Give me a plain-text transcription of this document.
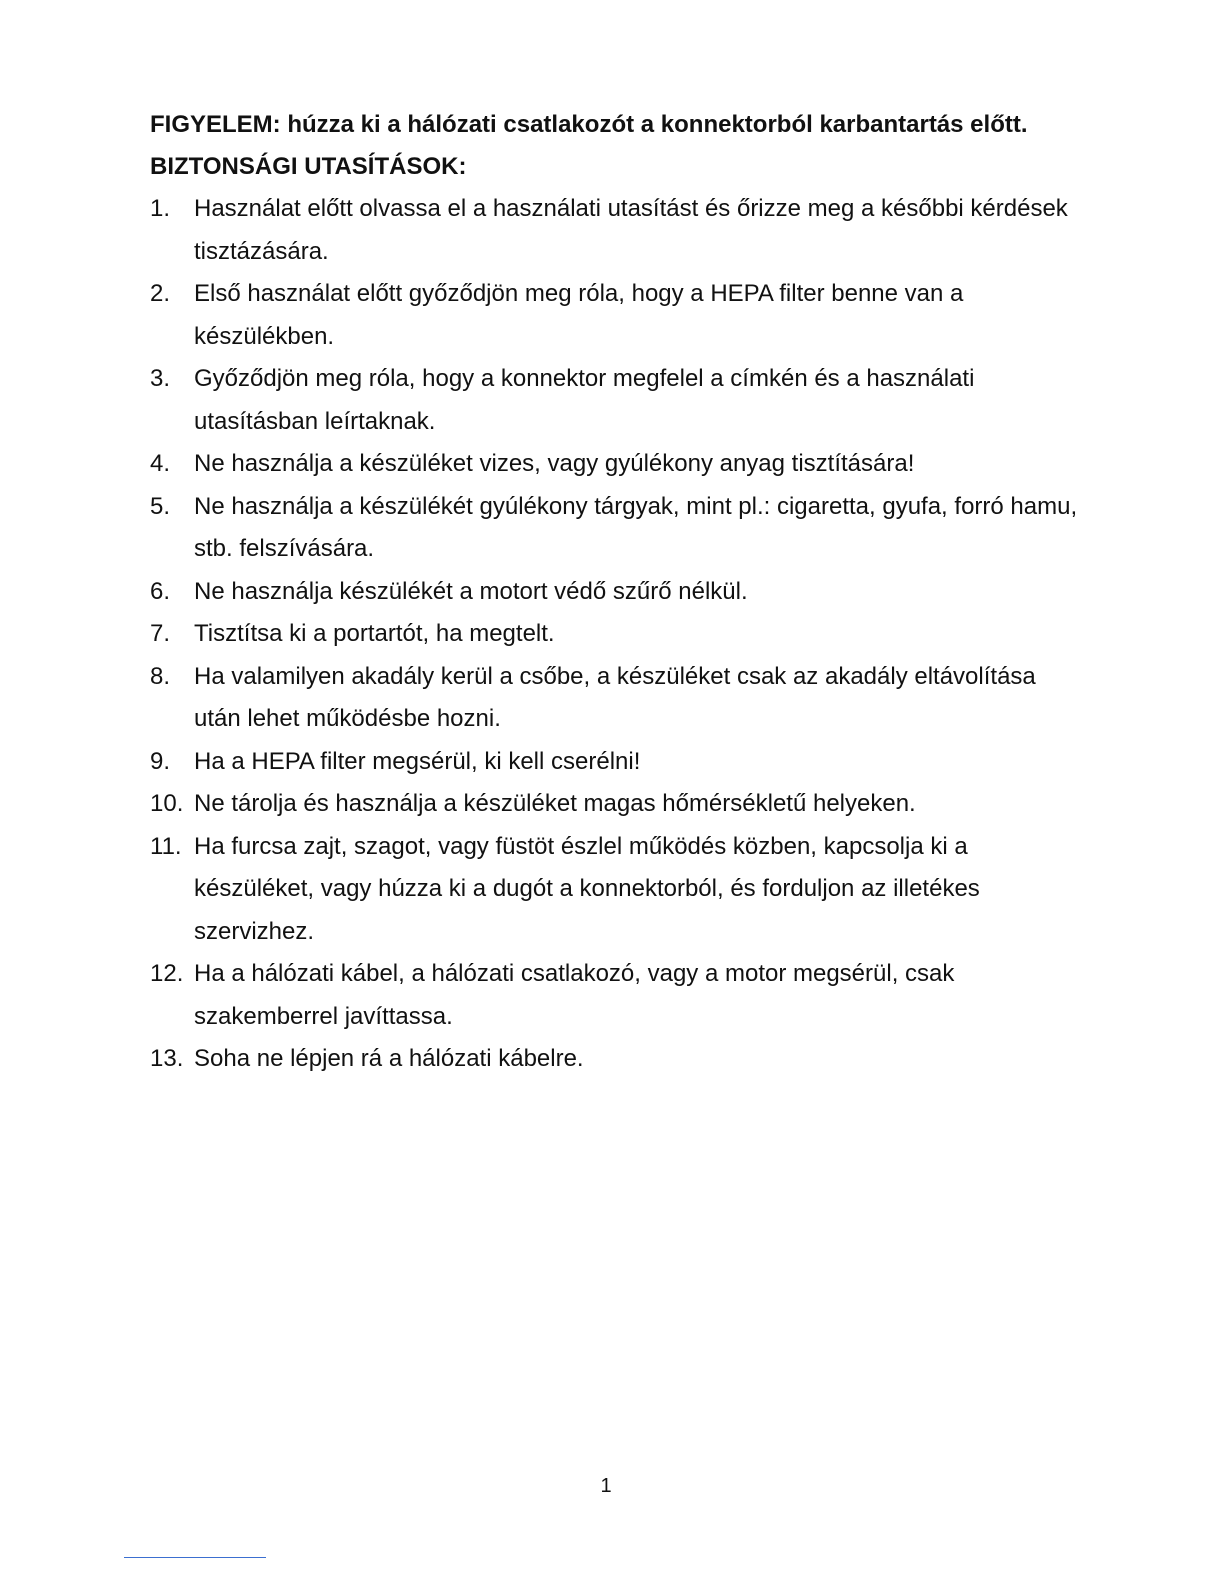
FIGYELEM: húzza ki a hálózati csatlakozót a konnektorból karbantartás előtt.

BIZTONSÁGI UTASÍTÁSOK:

1. Használat előtt olvassa el a használati utasítást és őrizze meg a későbbi kérdések tisztázására.
2. Első használat előtt győződjön meg róla, hogy a HEPA filter benne van a készülékben.
3. Győződjön meg róla, hogy a konnektor megfelel a címkén és a használati utasításban leírtaknak.
4. Ne használja a készüléket vizes, vagy gyúlékony anyag tisztítására!
5. Ne használja a készülékét gyúlékony tárgyak, mint pl.: cigaretta, gyufa, forró hamu, stb. felszívására.
6. Ne használja készülékét a motort védő szűrő nélkül.
7. Tisztítsa ki a portartót, ha megtelt.
8. Ha valamilyen akadály kerül a csőbe, a készüléket csak az akadály eltávolítása után lehet működésbe hozni.
9. Ha a HEPA filter megsérül, ki kell cserélni!
10. Ne tárolja és használja a készüléket magas hőmérsékletű helyeken.
11. Ha furcsa zajt, szagot, vagy füstöt észlel működés közben, kapcsolja ki a készüléket, vagy húzza ki a dugót a konnektorból, és forduljon az illetékes szervizhez.
12. Ha a hálózati kábel, a hálózati csatlakozó, vagy a motor megsérül, csak szakemberrel javíttassa.
13. Soha ne lépjen rá a hálózati kábelre.
1
